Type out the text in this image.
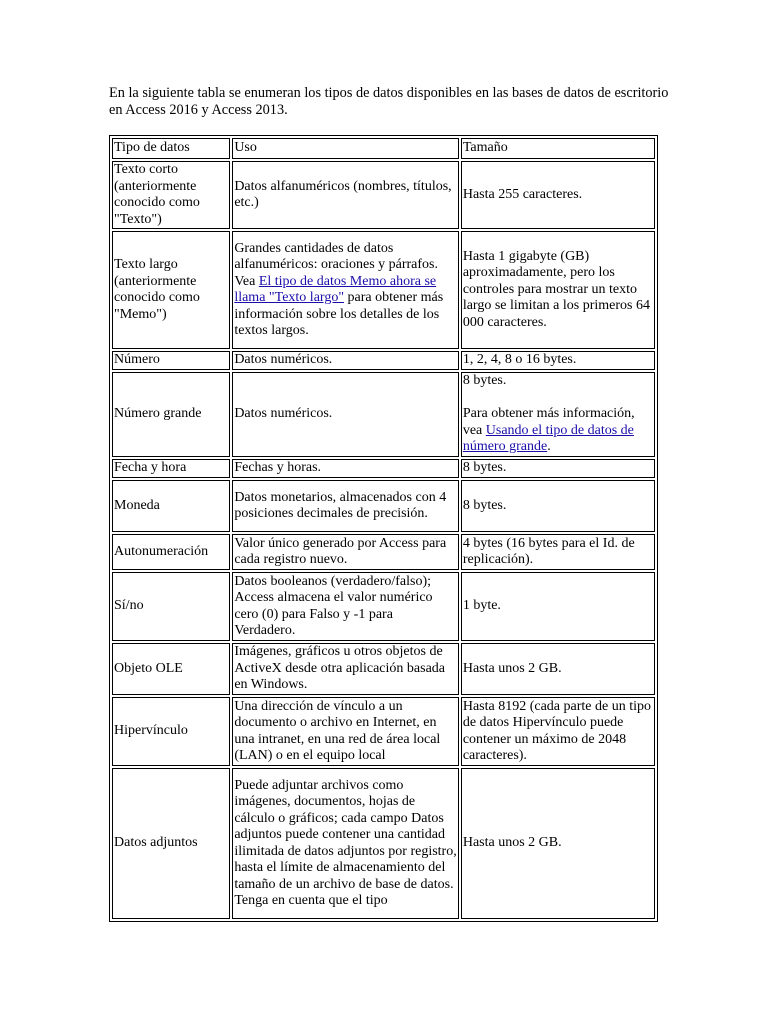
En la siguiente tabla se enumeran los tipos de datos disponibles en las bases de datos de escritorio en Access 2016 y Access 2013.

Tipo de datos	Uso	Tamaño
Texto corto (anteriormente conocido como "Texto")	Datos alfanuméricos (nombres, títulos, etc.)	Hasta 255 caracteres.
Texto largo (anteriormente conocido como "Memo")	Grandes cantidades de datos alfanuméricos: oraciones y párrafos. Vea El tipo de datos Memo ahora se llama "Texto largo" para obtener más información sobre los detalles de los textos largos.	Hasta 1 gigabyte (GB) aproximadamente, pero los controles para mostrar un texto largo se limitan a los primeros 64 000 caracteres.
Número	Datos numéricos.	1, 2, 4, 8 o 16 bytes.
Número grande	Datos numéricos.	8 bytes.
Para obtener más información, vea Usando el tipo de datos de número grande.
Fecha y hora	Fechas y horas.	8 bytes.
Moneda	Datos monetarios, almacenados con 4 posiciones decimales de precisión.	8 bytes.
Autonumeración	Valor único generado por Access para cada registro nuevo.	4 bytes (16 bytes para el Id. de replicación).
Sí/no	Datos booleanos (verdadero/falso); Access almacena el valor numérico cero (0) para Falso y -1 para Verdadero.	1 byte.
Objeto OLE	Imágenes, gráficos u otros objetos de ActiveX desde otra aplicación basada en Windows.	Hasta unos 2 GB.
Hipervínculo	Una dirección de vínculo a un documento o archivo en Internet, en una intranet, en una red de área local (LAN) o en el equipo local	Hasta 8192 (cada parte de un tipo de datos Hipervínculo puede contener un máximo de 2048 caracteres).
Datos adjuntos	Puede adjuntar archivos como imágenes, documentos, hojas de cálculo o gráficos; cada campo Datos adjuntos puede contener una cantidad ilimitada de datos adjuntos por registro, hasta el límite de almacenamiento del tamaño de un archivo de base de datos. Tenga en cuenta que el tipo	Hasta unos 2 GB.
